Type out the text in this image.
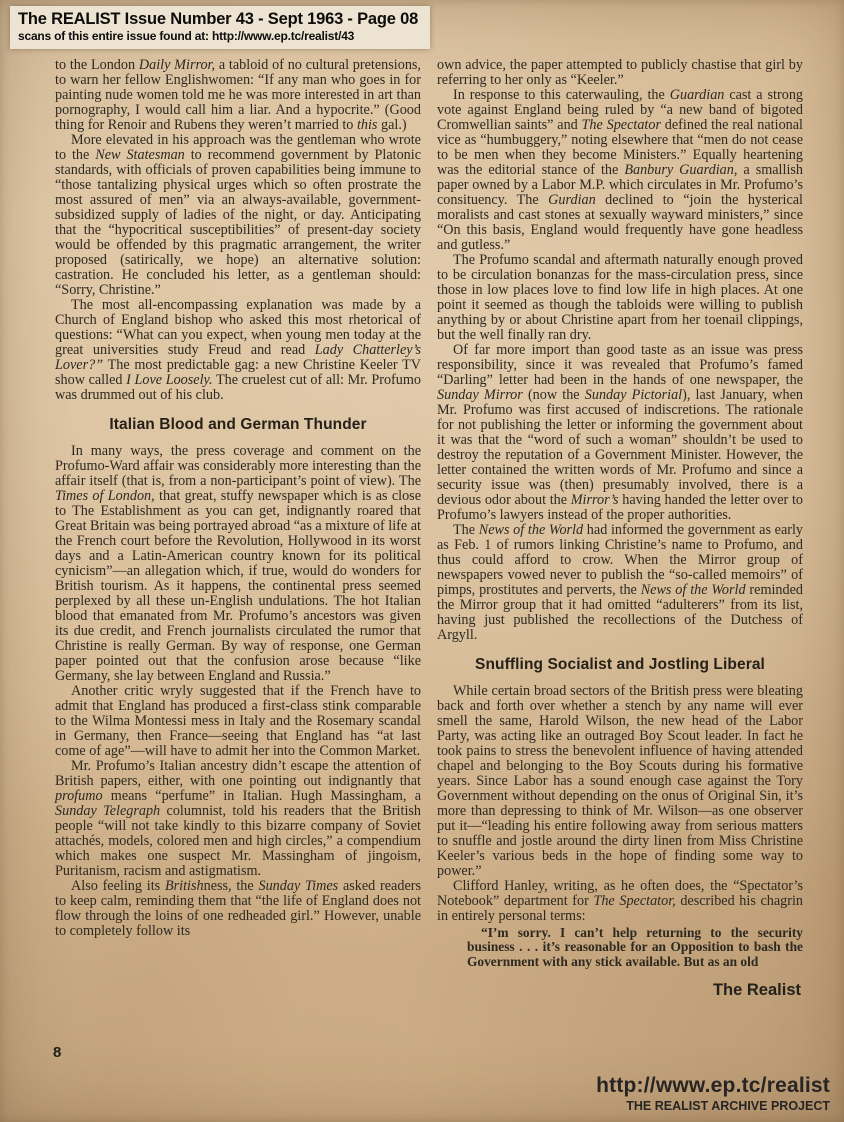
The REALIST Issue Number 43 - Sept 1963 - Page 08
scans of this entire issue found at: http://www.ep.tc/realist/43

to the London Daily Mirror, a tabloid of no cultural pretensions, to warn her fellow Englishwomen: “If any man who goes in for painting nude women told me he was more interested in art than pornography, I would call him a liar. And a hypocrite.” (Good thing for Renoir and Rubens they weren’t married to this gal.)

More elevated in his approach was the gentleman who wrote to the New Statesman to recommend government by Platonic standards, with officials of proven capabilities being immune to “those tantalizing physical urges which so often prostrate the most assured of men” via an always-available, government-subsidized supply of ladies of the night, or day. Anticipating that the “hypocritical susceptibilities” of present-day society would be offended by this pragmatic arrangement, the writer proposed (satirically, we hope) an alternative solution: castration. He concluded his letter, as a gentleman should: “Sorry, Christine.”

The most all-encompassing explanation was made by a Church of England bishop who asked this most rhetorical of questions: “What can you expect, when young men today at the great universities study Freud and read Lady Chatterley’s Lover?” The most predictable gag: a new Christine Keeler TV show called I Love Loosely. The cruelest cut of all: Mr. Profumo was drummed out of his club.

Italian Blood and German Thunder

In many ways, the press coverage and comment on the Profumo-Ward affair was considerably more interesting than the affair itself (that is, from a non-participant’s point of view). The Times of London, that great, stuffy newspaper which is as close to The Establishment as you can get, indignantly roared that Great Britain was being portrayed abroad “as a mixture of life at the French court before the Revolution, Hollywood in its worst days and a Latin-American country known for its political cynicism”—an allegation which, if true, would do wonders for British tourism. As it happens, the continental press seemed perplexed by all these un-English undulations. The hot Italian blood that emanated from Mr. Profumo’s ancestors was given its due credit, and French journalists circulated the rumor that Christine is really German. By way of response, one German paper pointed out that the confusion arose because “like Germany, she lay between England and Russia.”

Another critic wryly suggested that if the French have to admit that England has produced a first-class stink comparable to the Wilma Montessi mess in Italy and the Rosemary scandal in Germany, then France—seeing that England has “at last come of age”—will have to admit her into the Common Market.

Mr. Profumo’s Italian ancestry didn’t escape the attention of British papers, either, with one pointing out indignantly that profumo means “perfume” in Italian. Hugh Massingham, a Sunday Telegraph columnist, told his readers that the British people “will not take kindly to this bizarre company of Soviet attachés, models, colored men and high circles,” a compendium which makes one suspect Mr. Massingham of jingoism, Puritanism, racism and astigmatism.

Also feeling its Britishness, the Sunday Times asked readers to keep calm, reminding them that “the life of England does not flow through the loins of one redheaded girl.” However, unable to completely follow its

own advice, the paper attempted to publicly chastise that girl by referring to her only as “Keeler.”

In response to this caterwauling, the Guardian cast a strong vote against England being ruled by “a new band of bigoted Cromwellian saints” and The Spectator defined the real national vice as “humbuggery,” noting elsewhere that “men do not cease to be men when they become Ministers.” Equally heartening was the editorial stance of the Banbury Guardian, a smallish paper owned by a Labor M.P. which circulates in Mr. Profumo’s consituency. The Gurdian declined to “join the hysterical moralists and cast stones at sexually wayward ministers,” since “On this basis, England would frequently have gone headless and gutless.”

The Profumo scandal and aftermath naturally enough proved to be circulation bonanzas for the mass-circulation press, since those in low places love to find low life in high places. At one point it seemed as though the tabloids were willing to publish anything by or about Christine apart from her toenail clippings, but the well finally ran dry.

Of far more import than good taste as an issue was press responsibility, since it was revealed that Profumo’s famed “Darling” letter had been in the hands of one newspaper, the Sunday Mirror (now the Sunday Pictorial), last January, when Mr. Profumo was first accused of indiscretions. The rationale for not publishing the letter or informing the government about it was that the “word of such a woman” shouldn’t be used to destroy the reputation of a Government Minister. However, the letter contained the written words of Mr. Profumo and since a security issue was (then) presumably involved, there is a devious odor about the Mirror’s having handed the letter over to Profumo’s lawyers instead of the proper authorities.

The News of the World had informed the government as early as Feb. 1 of rumors linking Christine’s name to Profumo, and thus could afford to crow. When the Mirror group of newspapers vowed never to publish the “so-called memoirs” of pimps, prostitutes and perverts, the News of the World reminded the Mirror group that it had omitted “adulterers” from its list, having just published the recollections of the Dutchess of Argyll.

Snuffling Socialist and Jostling Liberal

While certain broad sectors of the British press were bleating back and forth over whether a stench by any name will ever smell the same, Harold Wilson, the new head of the Labor Party, was acting like an outraged Boy Scout leader. In fact he took pains to stress the benevolent influence of having attended chapel and belonging to the Boy Scouts during his formative years. Since Labor has a sound enough case against the Tory Government without depending on the onus of Original Sin, it’s more than depressing to think of Mr. Wilson—as one observer put it—“leading his entire following away from serious matters to snuffle and jostle around the dirty linen from Miss Christine Keeler’s various beds in the hope of finding some way to power.”

Clifford Hanley, writing, as he often does, the “Spectator’s Notebook” department for The Spectator, described his chagrin in entirely personal terms:

“I’m sorry. I can’t help returning to the security business . . . it’s reasonable for an Opposition to bash the Government with any stick available. But as an old

The Realist
8
http://www.ep.tc/realist
THE REALIST ARCHIVE PROJECT
